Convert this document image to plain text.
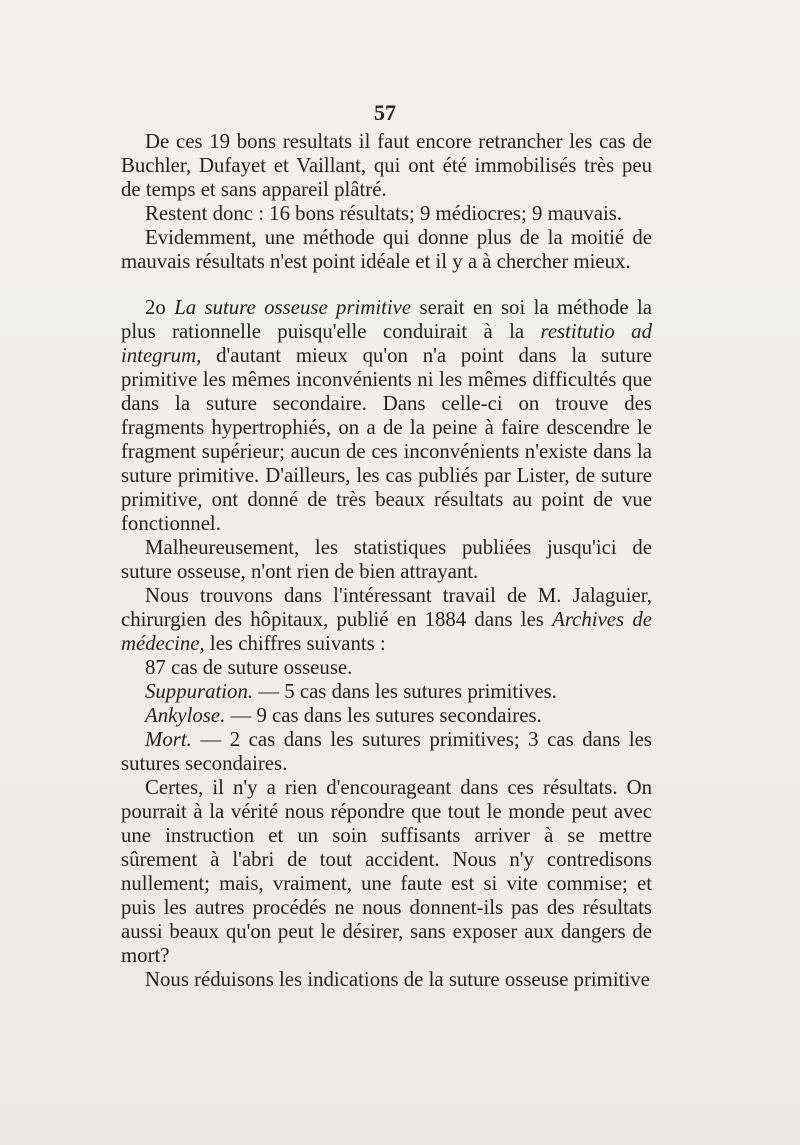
57

De ces 19 bons resultats il faut encore retrancher les cas de Buchler, Dufayet et Vaillant, qui ont été immobilisés très peu de temps et sans appareil plâtré.

Restent donc : 16 bons résultats; 9 médiocres; 9 mauvais.

Evidemment, une méthode qui donne plus de la moitié de mauvais résultats n'est point idéale et il y a à chercher mieux.

2o La suture osseuse primitive serait en soi la méthode la plus rationnelle puisqu'elle conduirait à la restitutio ad integrum, d'autant mieux qu'on n'a point dans la suture primitive les mêmes inconvénients ni les mêmes difficultés que dans la suture secondaire. Dans celle-ci on trouve des fragments hypertrophiés, on a de la peine à faire descendre le fragment supérieur; aucun de ces inconvénients n'existe dans la suture primitive. D'ailleurs, les cas publiés par Lister, de suture primitive, ont donné de très beaux résultats au point de vue fonctionnel.

Malheureusement, les statistiques publiées jusqu'ici de suture osseuse, n'ont rien de bien attrayant.

Nous trouvons dans l'intéressant travail de M. Jalaguier, chirurgien des hôpitaux, publié en 1884 dans les Archives de médecine, les chiffres suivants :

87 cas de suture osseuse.

Suppuration. — 5 cas dans les sutures primitives.

Ankylose. — 9 cas dans les sutures secondaires.

Mort. — 2 cas dans les sutures primitives; 3 cas dans les sutures secondaires.

Certes, il n'y a rien d'encourageant dans ces résultats. On pourrait à la vérité nous répondre que tout le monde peut avec une instruction et un soin suffisants arriver à se mettre sûrement à l'abri de tout accident. Nous n'y contredisons nullement; mais, vraiment, une faute est si vite commise; et puis les autres procédés ne nous donnent-ils pas des résultats aussi beaux qu'on peut le désirer, sans exposer aux dangers de mort?

Nous réduisons les indications de la suture osseuse primitive
